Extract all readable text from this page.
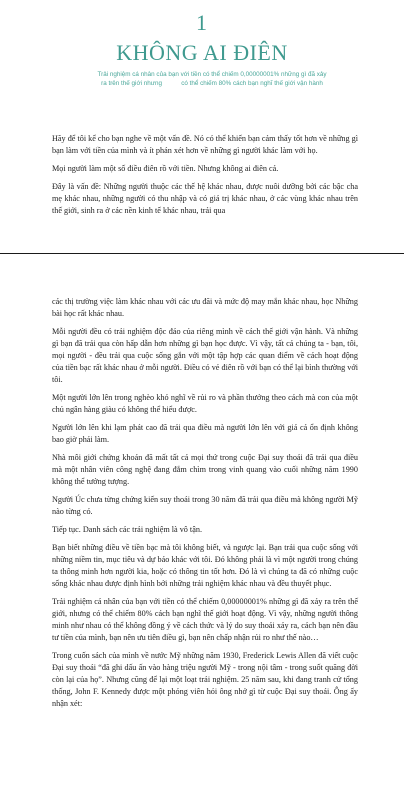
1
KHÔNG AI ĐIÊN
Trải nghiệm cá nhân của bạn với tiền có thể chiếm 0,00000001% những gì đã xảy
ra trên thế giới nhưng           có thể chiếm 80% cách bạn nghĩ thế giới vận hành

Hãy để tôi kể cho bạn nghe về một vấn đề. Nó có thể khiến bạn cảm thấy tốt hơn về những gì bạn làm với tiền của mình và ít phán xét hơn về những gì người khác làm với họ.

Mọi người làm một số điều điên rồ với tiền. Nhưng không ai điên cả.

Đây là vấn đề: Những người thuộc các thế hệ khác nhau, được nuôi dưỡng bởi các bậc cha mẹ khác nhau, những người có thu nhập và có giá trị khác nhau, ở các vùng khác nhau trên thế giới, sinh ra ở các nền kinh tế khác nhau, trải qua

các thị trường việc làm khác nhau với các ưu đãi và mức độ may mắn khác nhau, học Những bài học rất khác nhau.

Mỗi người đều có trải nghiệm độc đáo của riêng mình về cách thế giới vận hành. Và những gì bạn đã trải qua còn hấp dẫn hơn những gì bạn học được. Vì vậy, tất cả chúng ta - bạn, tôi, mọi người - đều trải qua cuộc sống gắn với một tập hợp các quan điểm về cách hoạt động của tiền bạc rất khác nhau ở mỗi người. Điều có vẻ điên rồ với bạn có thể lại bình thường với tôi.

Một người lớn lên trong nghèo khó nghĩ về rủi ro và phần thưởng theo cách mà con của một chủ ngân hàng giàu có không thể hiểu được.

Người lớn lên khi lạm phát cao đã trải qua điều mà người lớn lên với giá cả ổn định không bao giờ phải làm.

Nhà môi giới chứng khoán đã mất tất cả mọi thứ trong cuộc Đại suy thoái đã trải qua điều mà một nhân viên công nghệ đang đắm chìm trong vinh quang vào cuối những năm 1990 không thể tưởng tượng.

Người Úc chưa từng chứng kiến suy thoái trong 30 năm đã trải qua điều mà không người Mỹ nào từng có.

Tiếp tục. Danh sách các trải nghiệm là vô tận.

Bạn biết những điều về tiền bạc mà tôi không biết, và ngược lại. Bạn trải qua cuộc sống với những niềm tin, mục tiêu và dự báo khác với tôi. Đó không phải là vì một người trong chúng ta thông minh hơn người kia, hoặc có thông tin tốt hơn. Đó là vì chúng ta đã có những cuộc sống khác nhau được định hình bởi những trải nghiệm khác nhau và đều thuyết phục.

Trải nghiệm cá nhân của bạn với tiền có thể chiếm 0,00000001% những gì đã xảy ra trên thế giới, nhưng có thể chiếm 80% cách bạn nghĩ thế giới hoạt động. Vì vậy, những người thông minh như nhau có thể không đồng ý về cách thức và lý do suy thoái xảy ra, cách bạn nên đầu tư tiền của mình, bạn nên ưu tiên điều gì, bạn nên chấp nhận rủi ro như thế nào…

Trong cuốn sách của mình về nước Mỹ những năm 1930, Frederick Lewis Allen đã viết cuộc Đại suy thoái “đã ghi dấu ấn vào hàng triệu người Mỹ - trong nội tâm - trong suốt quãng đời còn lại của họ”. Nhưng cũng để lại một loạt trải nghiệm. 25 năm sau, khi đang tranh cử tổng thống, John F. Kennedy được một phóng viên hỏi ông nhớ gì từ cuộc Đại suy thoái. Ông ấy nhận xét:
